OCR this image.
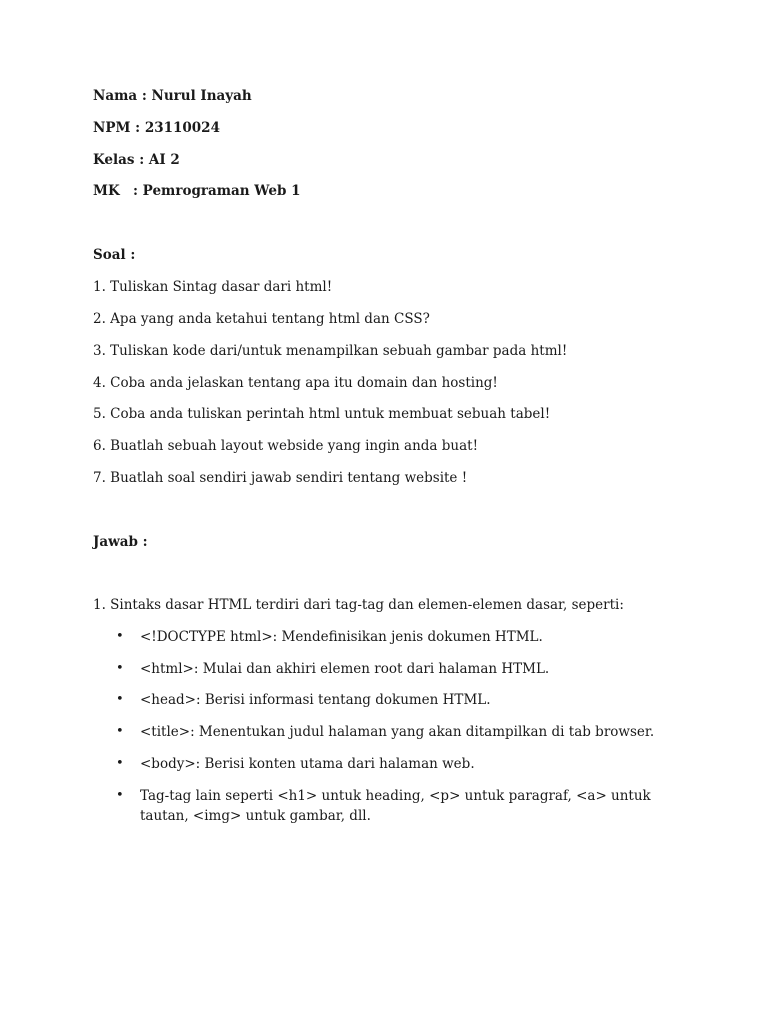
Nama : Nurul Inayah
NPM : 23110024
Kelas : AI 2
MK : Pemrograman Web 1
Soal :
1. Tuliskan Sintag dasar dari html!
2. Apa yang anda ketahui tentang html dan CSS?
3. Tuliskan kode dari/untuk menampilkan sebuah gambar pada html!
4. Coba anda jelaskan tentang apa itu domain dan hosting!
5. Coba anda tuliskan perintah html untuk membuat sebuah tabel!
6. Buatlah sebuah layout webside yang ingin anda buat!
7. Buatlah soal sendiri jawab sendiri tentang website !
Jawab :
1. Sintaks dasar HTML terdiri dari tag-tag dan elemen-elemen dasar, seperti:
• <!DOCTYPE html>: Mendefinisikan jenis dokumen HTML.
• <html>: Mulai dan akhiri elemen root dari halaman HTML.
• <head>: Berisi informasi tentang dokumen HTML.
• <title>: Menentukan judul halaman yang akan ditampilkan di tab browser.
• <body>: Berisi konten utama dari halaman web.
• Tag-tag lain seperti <h1> untuk heading, <p> untuk paragraf, <a> untuk tautan, <img> untuk gambar, dll.
